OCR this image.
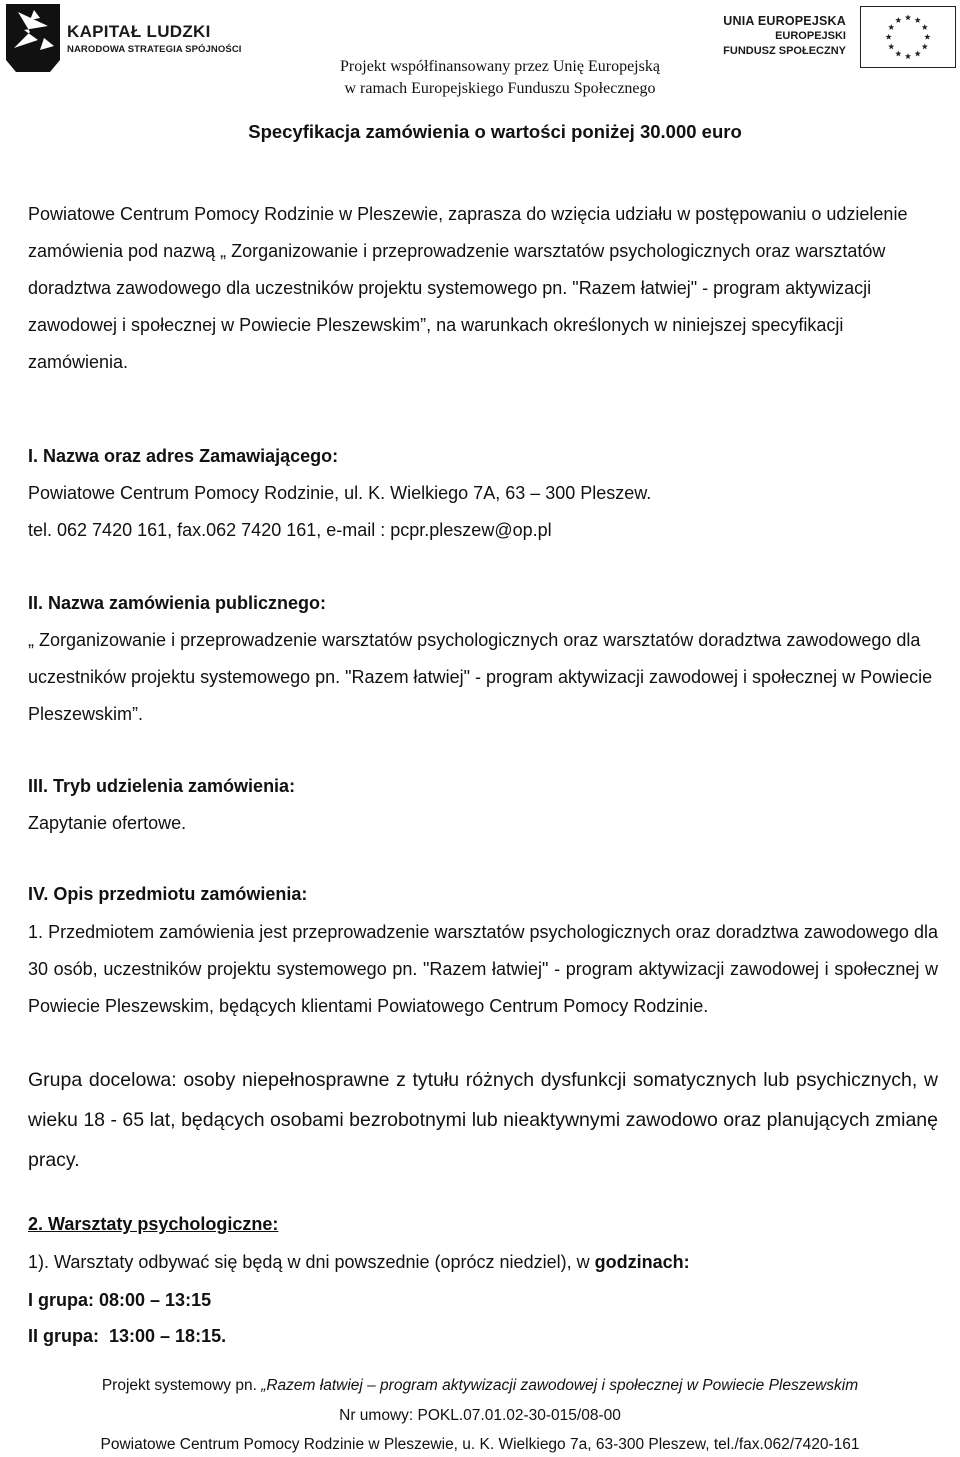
KAPITAŁ LUDZKI
NARODOWA STRATEGIA SPÓJNOŚCI
UNIA EUROPEJSKA
EUROPEJSKI
FUNDUSZ SPOŁECZNY
Projekt współfinansowany przez Unię Europejską
w ramach Europejskiego Funduszu Społecznego
Specyfikacja zamówienia o wartości poniżej 30.000 euro
Powiatowe Centrum Pomocy Rodzinie w Pleszewie, zaprasza do wzięcia udziału w postępowaniu o udzielenie zamówienia pod nazwą „ Zorganizowanie i przeprowadzenie warsztatów psychologicznych oraz warsztatów doradztwa zawodowego dla uczestników projektu systemowego pn. "Razem łatwiej" - program aktywizacji zawodowej i społecznej w Powiecie Pleszewskim”, na warunkach określonych w niniejszej specyfikacji zamówienia.
I. Nazwa oraz adres Zamawiającego:
Powiatowe Centrum Pomocy Rodzinie, ul. K. Wielkiego 7A, 63 – 300 Pleszew.
tel. 062 7420 161, fax.062 7420 161, e-mail : pcpr.pleszew@op.pl
II. Nazwa zamówienia publicznego:
„ Zorganizowanie i przeprowadzenie warsztatów psychologicznych oraz warsztatów doradztwa zawodowego dla uczestników projektu systemowego pn. "Razem łatwiej" - program aktywizacji zawodowej i społecznej w Powiecie Pleszewskim”.
III. Tryb udzielenia zamówienia:
Zapytanie ofertowe.
IV. Opis przedmiotu zamówienia:
1. Przedmiotem zamówienia jest przeprowadzenie warsztatów psychologicznych oraz doradztwa zawodowego dla 30 osób, uczestników projektu systemowego pn. "Razem łatwiej" - program aktywizacji zawodowej i społecznej w Powiecie Pleszewskim, będących klientami Powiatowego Centrum Pomocy Rodzinie.
Grupa docelowa: osoby niepełnosprawne z tytułu różnych dysfunkcji somatycznych lub psychicznych, w wieku 18 - 65 lat, będących osobami bezrobotnymi lub nieaktywnymi zawodowo oraz planujących zmianę pracy.
2. Warsztaty psychologiczne:
1). Warsztaty odbywać się będą w dni powszednie (oprócz niedziel), w godzinach:
I grupa: 08:00 – 13:15
II grupa:  13:00 – 18:15.
Projekt systemowy pn. „Razem łatwiej – program aktywizacji zawodowej i społecznej w Powiecie Pleszewskim
Nr umowy: POKL.07.01.02-30-015/08-00
Powiatowe Centrum Pomocy Rodzinie w Pleszewie, u. K. Wielkiego 7a, 63-300 Pleszew, tel./fax.062/7420-161
